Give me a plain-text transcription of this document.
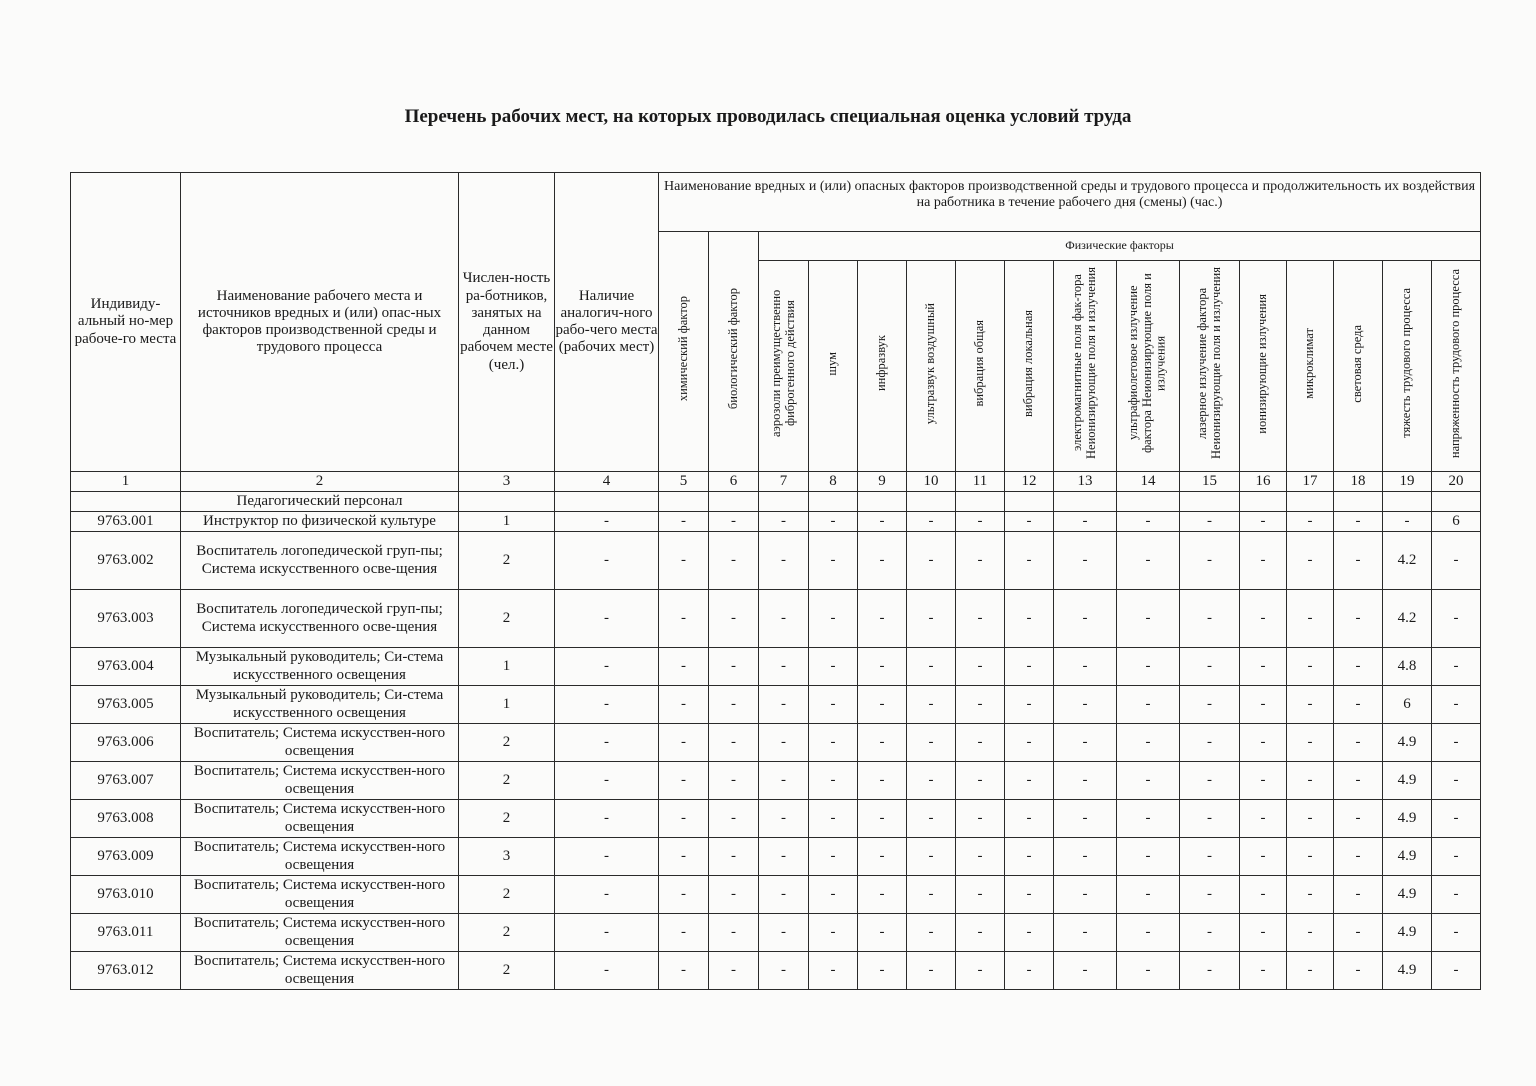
Перечень рабочих мест, на которых проводилась специальная оценка условий труда
Индивиду-альный но-мер рабоче-го места	Наименование рабочего места и источников вредных и (или) опас-ных факторов производственной среды и трудового процесса	Числен-ность ра-ботников, занятых на данном рабочем месте (чел.)	Наличие аналогич-ного рабо-чего места (рабочих мест)	Наименование вредных и (или) опасных факторов производственной среды и трудового процесса и продолжительность их воздействия на работника в течение рабочего дня (смены) (час.)																
				химический фактор	биологический фактор	Физические факторы														
						аэрозоли преимущественно фиброгенного действия	шум	инфразвук	ультразвук воздушный	вибрация общая	вибрация локальная	электромагнитные поля фак-тора Неионизирующие поля и излучения	ультрафиолетовое излучение фактора Неионизирующие поля и излучения	лазерное излучение фактора Неионизирующие поля и излучения	ионизирующие излучения	микроклимат	световая среда	тяжесть трудового процесса	напряженность трудового процесса	
1	2	3	4	5	6	7	8	9	10	11	12	13	14	15	16	17	18	19	20	
	Педагогический персонал																			
9763.001	Инструктор по физической культуре	1	-	-	-	-	-	-	-	-	-	-	-	-	-	-	-	-	6	
9763.002	Воспитатель логопедической груп-пы; Система искусственного осве-щения	2	-	-	-	-	-	-	-	-	-	-	-	-	-	-	-	4.2	-	
9763.003	Воспитатель логопедической груп-пы; Система искусственного осве-щения	2	-	-	-	-	-	-	-	-	-	-	-	-	-	-	-	4.2	-	
9763.004	Музыкальный руководитель; Си-стема искусственного освещения	1	-	-	-	-	-	-	-	-	-	-	-	-	-	-	-	4.8	-	
9763.005	Музыкальный руководитель; Си-стема искусственного освещения	1	-	-	-	-	-	-	-	-	-	-	-	-	-	-	-	6	-	
9763.006	Воспитатель; Система искусствен-ного освещения	2	-	-	-	-	-	-	-	-	-	-	-	-	-	-	-	4.9	-	
9763.007	Воспитатель; Система искусствен-ного освещения	2	-	-	-	-	-	-	-	-	-	-	-	-	-	-	-	4.9	-	
9763.008	Воспитатель; Система искусствен-ного освещения	2	-	-	-	-	-	-	-	-	-	-	-	-	-	-	-	4.9	-	
9763.009	Воспитатель; Система искусствен-ного освещения	3	-	-	-	-	-	-	-	-	-	-	-	-	-	-	-	4.9	-	
9763.010	Воспитатель; Система искусствен-ного освещения	2	-	-	-	-	-	-	-	-	-	-	-	-	-	-	-	4.9	-	
9763.011	Воспитатель; Система искусствен-ного освещения	2	-	-	-	-	-	-	-	-	-	-	-	-	-	-	-	4.9	-	
9763.012	Воспитатель; Система искусствен-ного освещения	2	-	-	-	-	-	-	-	-	-	-	-	-	-	-	-	4.9	-	
